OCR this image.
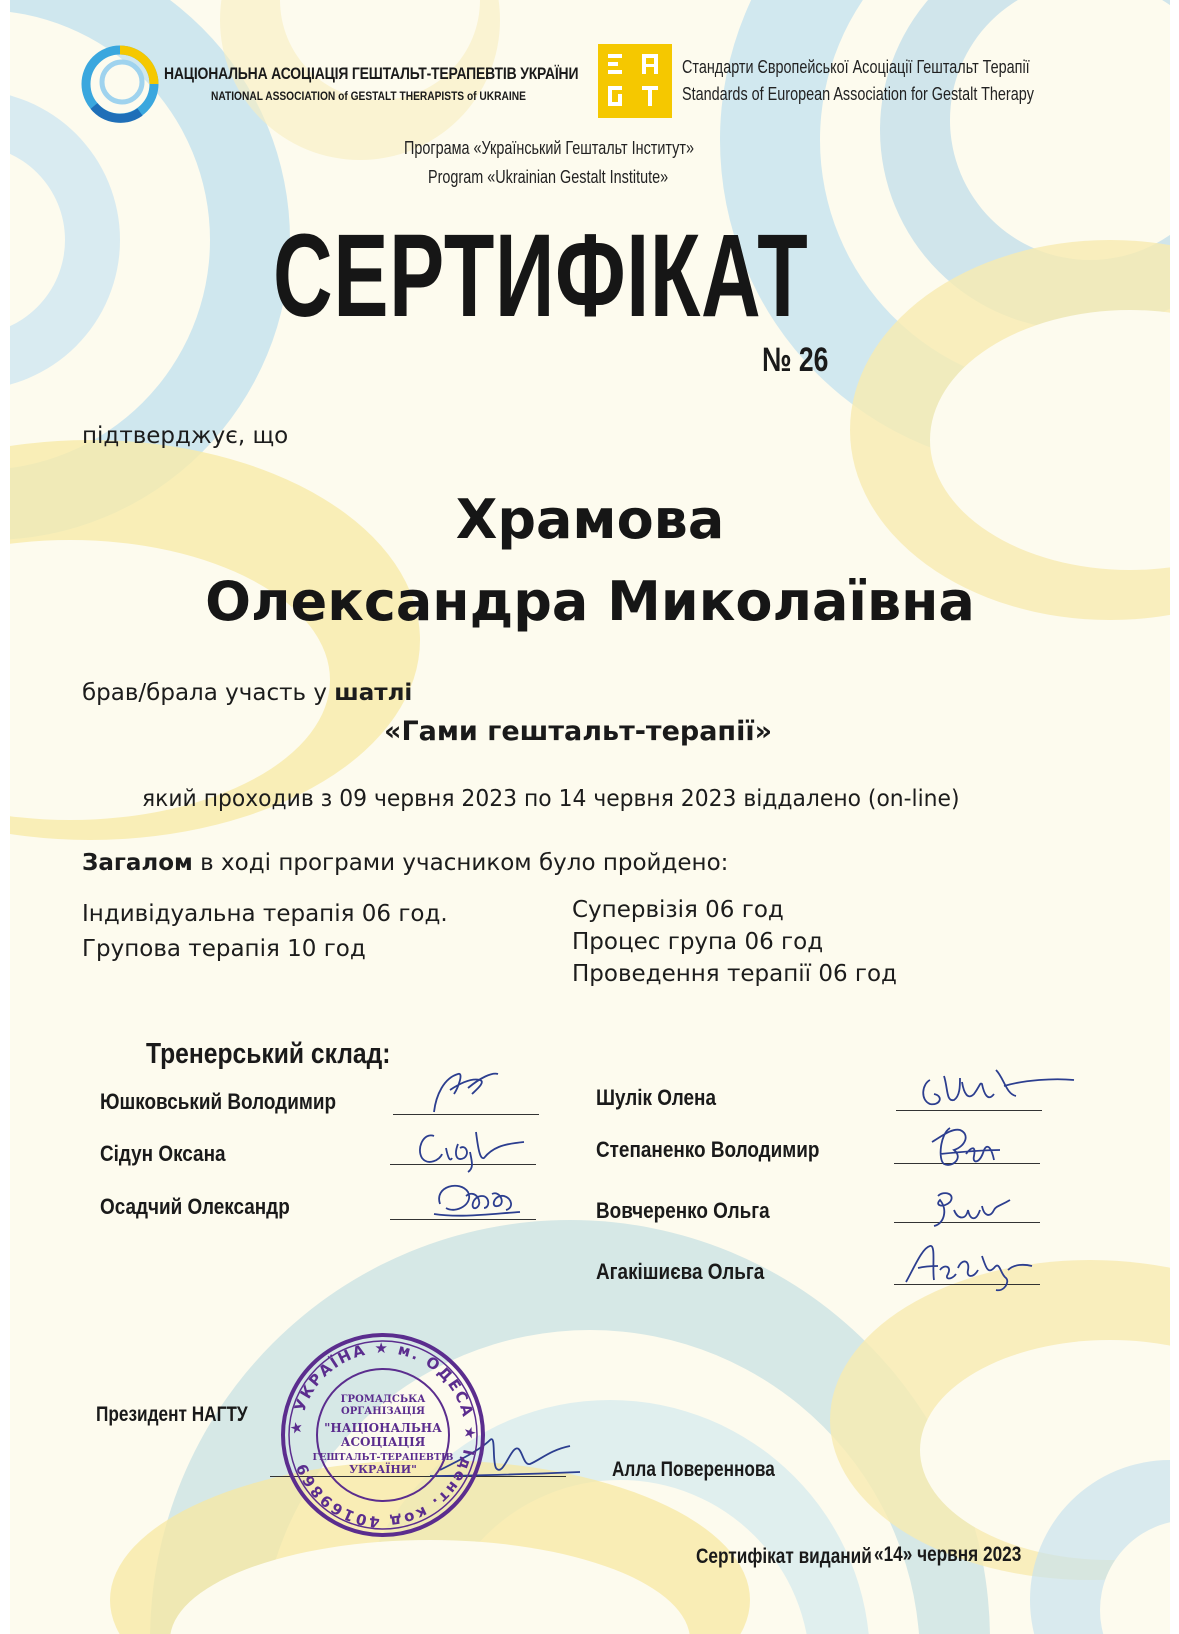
НАЦІОНАЛЬНА АСОЦІАЦІЯ ГЕШТАЛЬТ-ТЕРАПЕВТІВ УКРАЇНИ
NATIONAL ASSOCIATION of GESTALT THERAPISTS of UKRAINE
Стандарти Європейської Асоціації Гештальт Терапії
Standards of European Association for Gestalt Therapy
Програма «Український Гештальт Інститут»
Program «Ukrainian Gestalt Institute»
СЕРТИФІКАТ
№ 26
підтверджує, що
Храмова
Олександра Миколаївна
брав/брала участь у шатлі
«Гами гештальт-терапії»
який проходив з 09 червня 2023 по 14 червня 2023 віддалено (on-line)
Загалом в ході програми учасником було пройдено:
Індивідуальна терапія 06 год.
Групова терапія 10 год
Супервізія 06 год
Процес група 06 год
Проведення терапії 06 год
Тренерський склад:
Юшковський Володимир
Сідун Оксана
Осадчий Олександр
Шулік Олена
Степаненко Володимир
Вовчеренко Ольга
Агакішиєва Ольга
Президент НАГТУ
Алла Повереннова
★ УКРАЇНА ★ м. ОДЕСА ★ Ідент. код 40169869
ГРОМАДСЬКА
ОРГАНІЗАЦІЯ
"НАЦІОНАЛЬНА
АСОЦІАЦІЯ
ГЕШТАЛЬТ-ТЕРАПЕВТІВ
УКРАЇНИ"
Сертифікат виданий «14» червня 2023
